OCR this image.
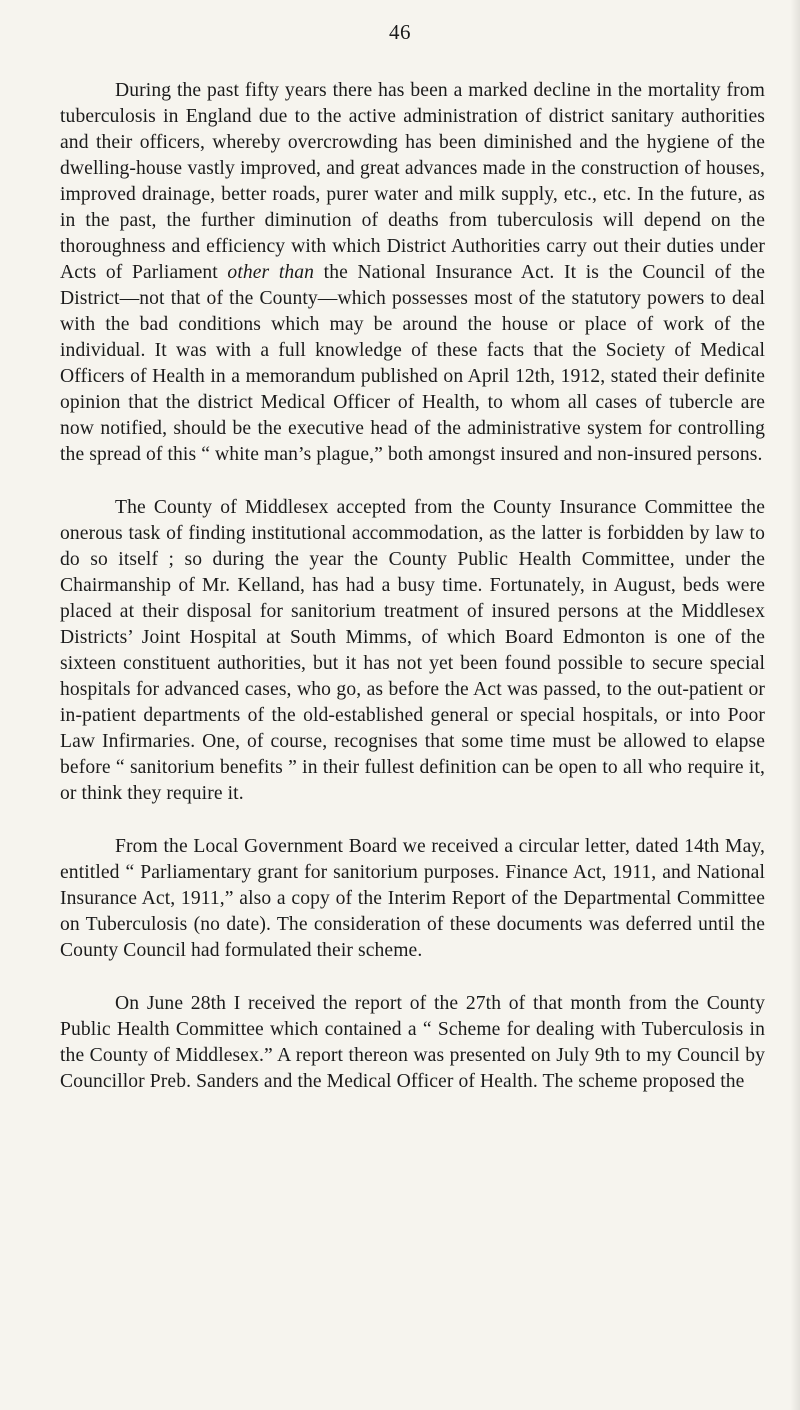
46

During the past fifty years there has been a marked decline in the mortality from tuberculosis in England due to the active administration of district sanitary authorities and their officers, whereby overcrowding has been diminished and the hygiene of the dwelling-house vastly improved, and great advances made in the construction of houses, improved drainage, better roads, purer water and milk supply, etc., etc. In the future, as in the past, the further diminution of deaths from tuberculosis will depend on the thoroughness and efficiency with which District Authorities carry out their duties under Acts of Parliament other than the National Insurance Act. It is the Council of the District—not that of the County—which possesses most of the statutory powers to deal with the bad conditions which may be around the house or place of work of the individual. It was with a full knowledge of these facts that the Society of Medical Officers of Health in a memorandum published on April 12th, 1912, stated their definite opinion that the district Medical Officer of Health, to whom all cases of tubercle are now notified, should be the executive head of the administrative system for controlling the spread of this “ white man’s plague,” both amongst insured and non-insured persons.

The County of Middlesex accepted from the County Insurance Committee the onerous task of finding institutional accommodation, as the latter is forbidden by law to do so itself ; so during the year the County Public Health Committee, under the Chairmanship of Mr. Kelland, has had a busy time. Fortunately, in August, beds were placed at their disposal for sanitorium treatment of insured persons at the Middlesex Districts’ Joint Hospital at South Mimms, of which Board Edmonton is one of the sixteen constituent authorities, but it has not yet been found possible to secure special hospitals for advanced cases, who go, as before the Act was passed, to the out-patient or in-patient departments of the old-established general or special hospitals, or into Poor Law Infirmaries. One, of course, recognises that some time must be allowed to elapse before “ sanitorium benefits ” in their fullest definition can be open to all who require it, or think they require it.

From the Local Government Board we received a circular letter, dated 14th May, entitled “ Parliamentary grant for sanitorium purposes. Finance Act, 1911, and National Insurance Act, 1911,” also a copy of the Interim Report of the Departmental Committee on Tuberculosis (no date). The consideration of these documents was deferred until the County Council had formulated their scheme.

On June 28th I received the report of the 27th of that month from the County Public Health Committee which contained a “ Scheme for dealing with Tuberculosis in the County of Middlesex.” A report thereon was presented on July 9th to my Council by Councillor Preb. Sanders and the Medical Officer of Health. The scheme proposed the
